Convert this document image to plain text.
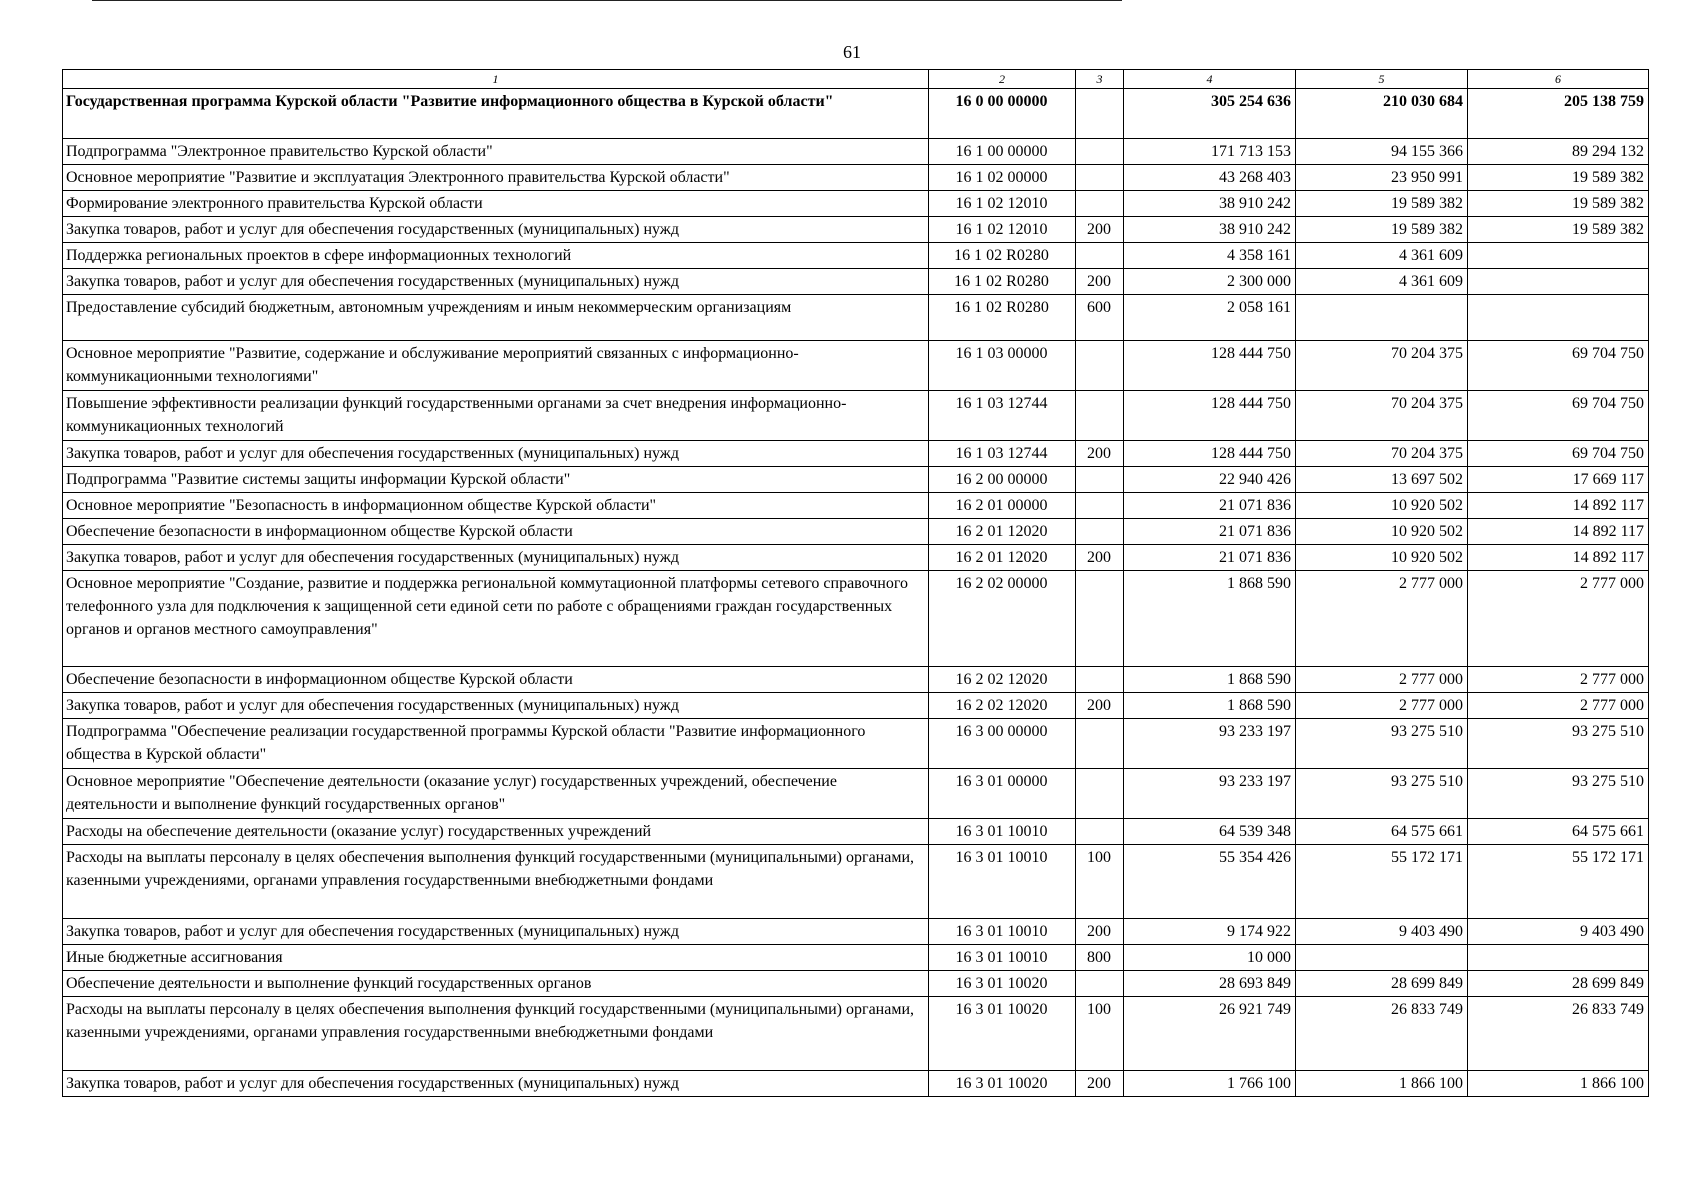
61
1	2	3	4	5	6
Государственная программа Курской области "Развитие информационного общества в Курской области"	16 0 00 00000		305 254 636	210 030 684	205 138 759
Подпрограмма "Электронное правительство Курской области"	16 1 00 00000		171 713 153	94 155 366	89 294 132
Основное мероприятие "Развитие и эксплуатация Электронного правительства Курской области"	16 1 02 00000		43 268 403	23 950 991	19 589 382
Формирование электронного правительства Курской области	16 1 02 12010		38 910 242	19 589 382	19 589 382
Закупка товаров, работ и услуг для обеспечения государственных (муниципальных) нужд	16 1 02 12010	200	38 910 242	19 589 382	19 589 382
Поддержка региональных проектов в сфере информационных технологий	16 1 02 R0280		4 358 161	4 361 609	
Закупка товаров, работ и услуг для обеспечения государственных (муниципальных) нужд	16 1 02 R0280	200	2 300 000	4 361 609	
Предоставление субсидий бюджетным, автономным учреждениям и иным некоммерческим организациям	16 1 02 R0280	600	2 058 161		
Основное мероприятие "Развитие, содержание и обслуживание мероприятий связанных с информационно-коммуникационными технологиями"	16 1 03 00000		128 444 750	70 204 375	69 704 750
Повышение эффективности реализации функций государственными органами за счет внедрения информационно-коммуникационных технологий	16 1 03 12744		128 444 750	70 204 375	69 704 750
Закупка товаров, работ и услуг для обеспечения государственных (муниципальных) нужд	16 1 03 12744	200	128 444 750	70 204 375	69 704 750
Подпрограмма "Развитие системы защиты информации Курской области"	16 2 00 00000		22 940 426	13 697 502	17 669 117
Основное мероприятие "Безопасность в информационном обществе Курской области"	16 2 01 00000		21 071 836	10 920 502	14 892 117
Обеспечение безопасности в информационном обществе Курской области	16 2 01 12020		21 071 836	10 920 502	14 892 117
Закупка товаров, работ и услуг для обеспечения государственных (муниципальных) нужд	16 2 01 12020	200	21 071 836	10 920 502	14 892 117
Основное мероприятие "Создание, развитие и поддержка региональной коммутационной платформы сетевого справочного телефонного узла для подключения к защищенной сети единой сети по работе с обращениями граждан государственных органов и органов местного самоуправления"	16 2 02 00000		1 868 590	2 777 000	2 777 000
Обеспечение безопасности в информационном обществе Курской области	16 2 02 12020		1 868 590	2 777 000	2 777 000
Закупка товаров, работ и услуг для обеспечения государственных (муниципальных) нужд	16 2 02 12020	200	1 868 590	2 777 000	2 777 000
Подпрограмма "Обеспечение реализации государственной программы Курской области "Развитие информационного общества в Курской области"	16 3 00 00000		93 233 197	93 275 510	93 275 510
Основное мероприятие "Обеспечение деятельности (оказание услуг) государственных учреждений, обеспечение деятельности и выполнение функций государственных органов"	16 3 01 00000		93 233 197	93 275 510	93 275 510
Расходы на обеспечение деятельности (оказание услуг) государственных учреждений	16 3 01 10010		64 539 348	64 575 661	64 575 661
Расходы на выплаты персоналу в целях обеспечения выполнения функций государственными (муниципальными) органами, казенными учреждениями, органами управления государственными внебюджетными фондами	16 3 01 10010	100	55 354 426	55 172 171	55 172 171
Закупка товаров, работ и услуг для обеспечения государственных (муниципальных) нужд	16 3 01 10010	200	9 174 922	9 403 490	9 403 490
Иные бюджетные ассигнования	16 3 01 10010	800	10 000		
Обеспечение деятельности и выполнение функций государственных органов	16 3 01 10020		28 693 849	28 699 849	28 699 849
Расходы на выплаты персоналу в целях обеспечения выполнения функций государственными (муниципальными) органами, казенными учреждениями, органами управления государственными внебюджетными фондами	16 3 01 10020	100	26 921 749	26 833 749	26 833 749
Закупка товаров, работ и услуг для обеспечения государственных (муниципальных) нужд	16 3 01 10020	200	1 766 100	1 866 100	1 866 100
